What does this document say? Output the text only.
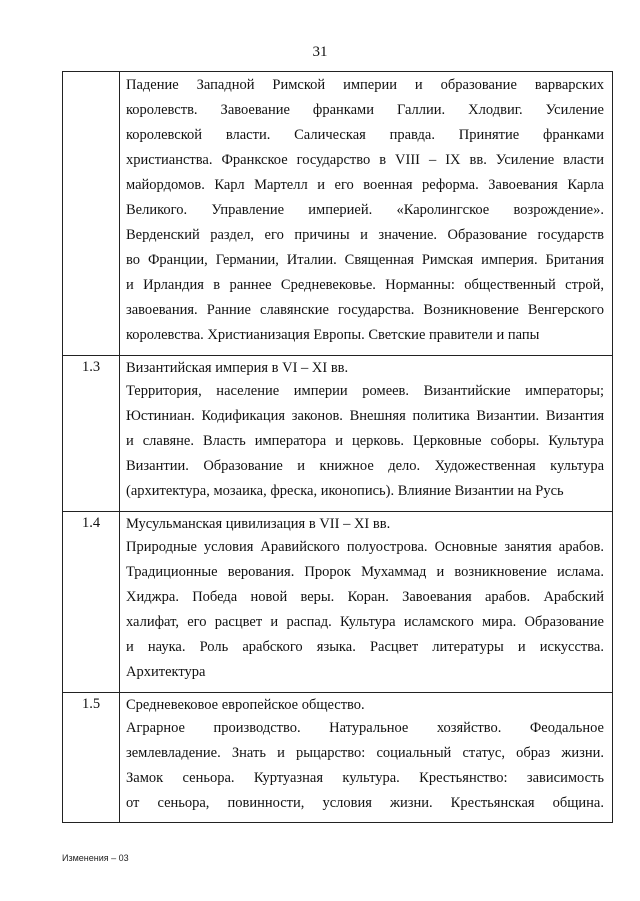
31
Падение Западной Римской империи и образование варварских
королевств. Завоевание франками Галлии. Хлодвиг. Усиление
королевской власти. Салическая правда. Принятие франками
христианства. Франкское государство в VIII – IX вв. Усиление власти
майордомов. Карл Мартелл и его военная реформа. Завоевания Карла
Великого. Управление империей. «Каролингское возрождение».
Верденский раздел, его причины и значение. Образование государств
во Франции, Германии, Италии. Священная Римская империя. Британия
и Ирландия в раннее Средневековье. Норманны: общественный строй,
завоевания. Ранние славянские государства. Возникновение Венгерского
королевства. Христианизация Европы. Светские правители и папы
1.3	Византийская империя в VI – XI вв.
Территория, население империи ромеев. Византийские императоры;
Юстиниан. Кодификация законов. Внешняя политика Византии. Византия
и славяне. Власть императора и церковь. Церковные соборы. Культура
Византии. Образование и книжное дело. Художественная культура
(архитектура, мозаика, фреска, иконопись). Влияние Византии на Русь
1.4	Мусульманская цивилизация в VII – XI вв.
Природные условия Аравийского полуострова. Основные занятия арабов.
Традиционные верования. Пророк Мухаммад и возникновение ислама.
Хиджра. Победа новой веры. Коран. Завоевания арабов. Арабский
халифат, его расцвет и распад. Культура исламского мира. Образование
и наука. Роль арабского языка. Расцвет литературы и искусства.
Архитектура
1.5	Средневековое европейское общество.
Аграрное производство. Натуральное хозяйство. Феодальное
землевладение. Знать и рыцарство: социальный статус, образ жизни.
Замок сеньора. Куртуазная культура. Крестьянство: зависимость
от сеньора, повинности, условия жизни. Крестьянская община.
Изменения – 03
